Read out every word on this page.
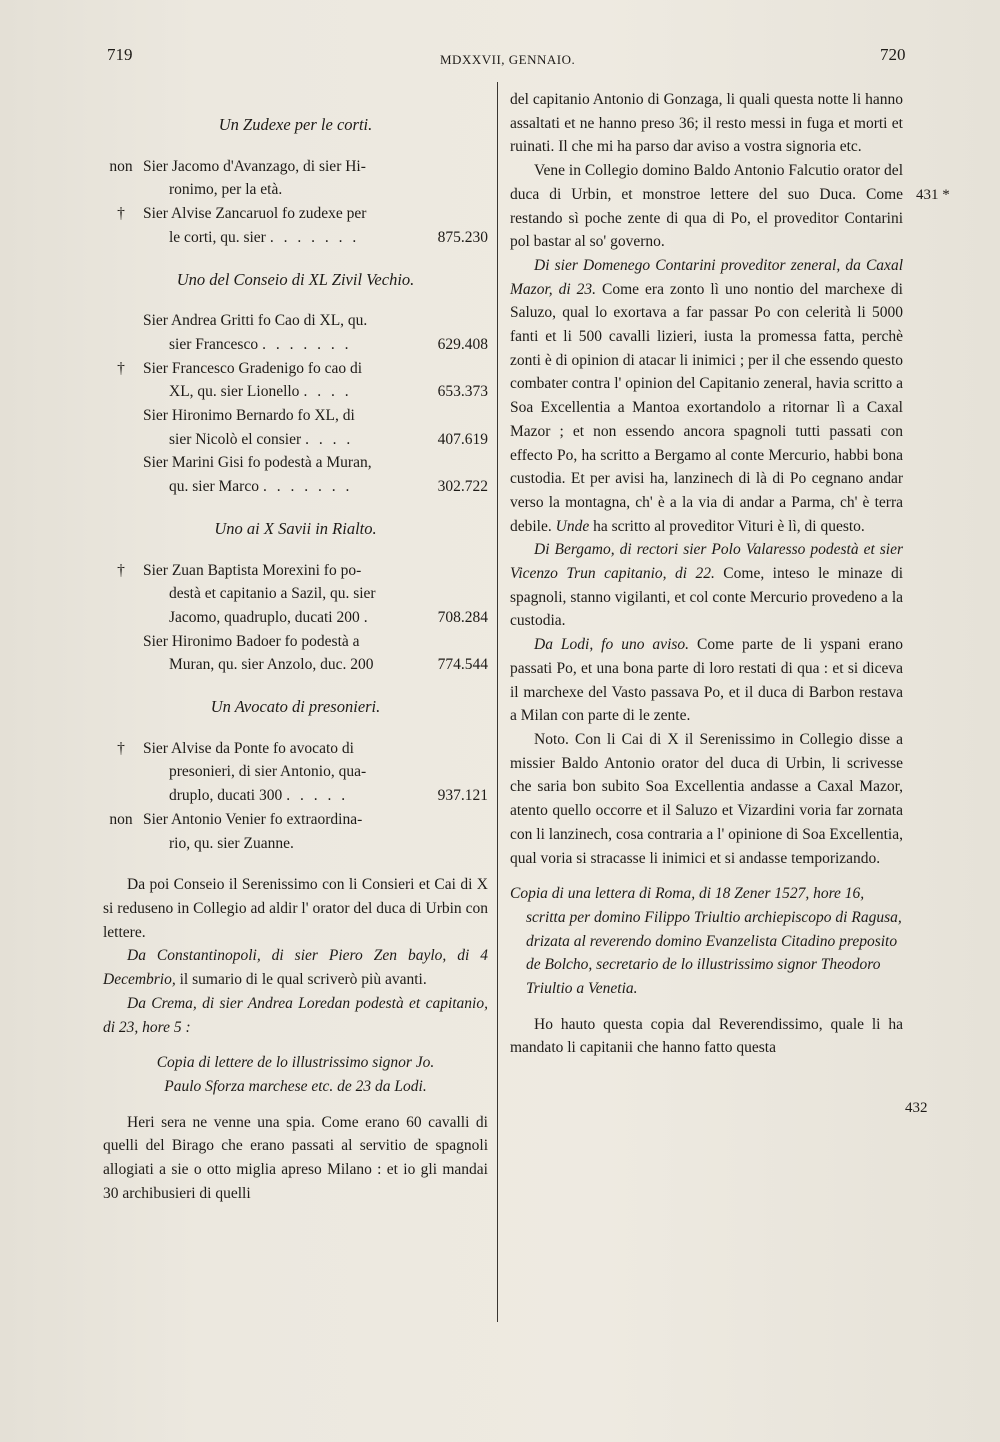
719	MDXXVII, GENNAIO.	720
431 *
432
Un Zudexe per le corti.
non Sier Jacomo d'Avanzago, di sier Hi-
ronimo, per la età.
†	Sier Alvise Zancaruol fo zudexe per
le corti, qu. sier . . . . . . .	875.230
Uno del Conseio di XL Zivil Vechio.
Sier Andrea Gritti fo Cao di XL, qu.
sier Francesco . . . . . . .	629.408
†	Sier Francesco Gradenigo fo cao di
XL, qu. sier Lionello . . . .	653.373
Sier Hironimo Bernardo fo XL, di
sier Nicolò el consier . . . .	407.619
Sier Marini Gisi fo podestà a Muran,
qu. sier Marco . . . . . . .	302.722
Uno ai X Savii in Rialto.
†	Sier Zuan Baptista Morexini fo po-
destà et capitanio a Sazil, qu. sier
Jacomo, quadruplo, ducati 200 .	708.284
Sier Hironimo Badoer fo podestà a
Muran, qu. sier Anzolo, duc. 200	774.544
Un Avocato di presonieri.
†	Sier Alvise da Ponte fo avocato di
presonieri, di sier Antonio, qua-
druplo, ducati 300 . . . . .	937.121
non Sier Antonio Venier fo extraordina-
rio, qu. sier Zuanne.
Da poi Conseio il Serenissimo con li Consieri et Cai di X si reduseno in Collegio ad aldir l' orator del duca di Urbin con lettere.
Da Constantinopoli, di sier Piero Zen baylo, di 4 Decembrio, il sumario di le qual scriverò più avanti.
Da Crema, di sier Andrea Loredan podestà et capitanio, di 23, hore 5 :
Copia di lettere de lo illustrissimo signor Jo.
Paulo Sforza marchese etc. de 23 da Lodi.
Heri sera ne venne una spia. Come erano 60 cavalli di quelli del Birago che erano passati al servitio de spagnoli allogiati a sie o otto miglia apreso Milano : et io gli mandai 30 archibusieri di quelli
del capitanio Antonio di Gonzaga, li quali questa notte li hanno assaltati et ne hanno preso 36; il resto messi in fuga et morti et ruinati. Il che mi ha parso dar aviso a vostra signoria etc.
Vene in Collegio domino Baldo Antonio Falcutio orator del duca di Urbin, et monstroe lettere del suo Duca. Come restando sì poche zente di qua di Po, el proveditor Contarini pol bastar al so' governo.
Di sier Domenego Contarini proveditor zeneral, da Caxal Mazor, di 23. Come era zonto lì uno nontio del marchexe di Saluzo, qual lo exortava a far passar Po con celerità li 5000 fanti et li 500 cavalli lizieri, iusta la promessa fatta, perchè zonti è di opinion di atacar li inimici ; per il che essendo questo combater contra l' opinion del Capitanio zeneral, havia scritto a Soa Excellentia a Mantoa exortandolo a ritornar lì a Caxal Mazor ; et non essendo ancora spagnoli tutti passati con effecto Po, ha scritto a Bergamo al conte Mercurio, habbi bona custodia. Et per avisi ha, lanzinech di là di Po cegnano andar verso la montagna, ch' è a la via di andar a Parma, ch' è terra debile. Unde ha scritto al proveditor Vituri è lì, di questo.
Di Bergamo, di rectori sier Polo Valaresso podestà et sier Vicenzo Trun capitanio, di 22. Come, inteso le minaze di spagnoli, stanno vigilanti, et col conte Mercurio provedeno a la custodia.
Da Lodi, fo uno aviso. Come parte de li yspani erano passati Po, et una bona parte di loro restati di qua : et si diceva il marchexe del Vasto passava Po, et il duca di Barbon restava a Milan con parte di le zente.
Noto. Con li Cai di X il Serenissimo in Collegio disse a missier Baldo Antonio orator del duca di Urbin, li scrivesse che saria bon subito Soa Excellentia andasse a Caxal Mazor, atento quello occorre et il Saluzo et Vizardini voria far zornata con li lanzinech, cosa contraria a l' opinione di Soa Excellentia, qual voria si stracasse li inimici et si andasse temporizando.
Copia di una lettera di Roma, di 18 Zener 1527, hore 16, scritta per domino Filippo Triultio archiepiscopo di Ragusa, drizata al reverendo domino Evanzelista Citadino preposito de Bolcho, secretario de lo illustrissimo signor Theodoro Triultio a Venetia.
Ho hauto questa copia dal Reverendissimo, quale li ha mandato li capitanii che hanno fatto questa
